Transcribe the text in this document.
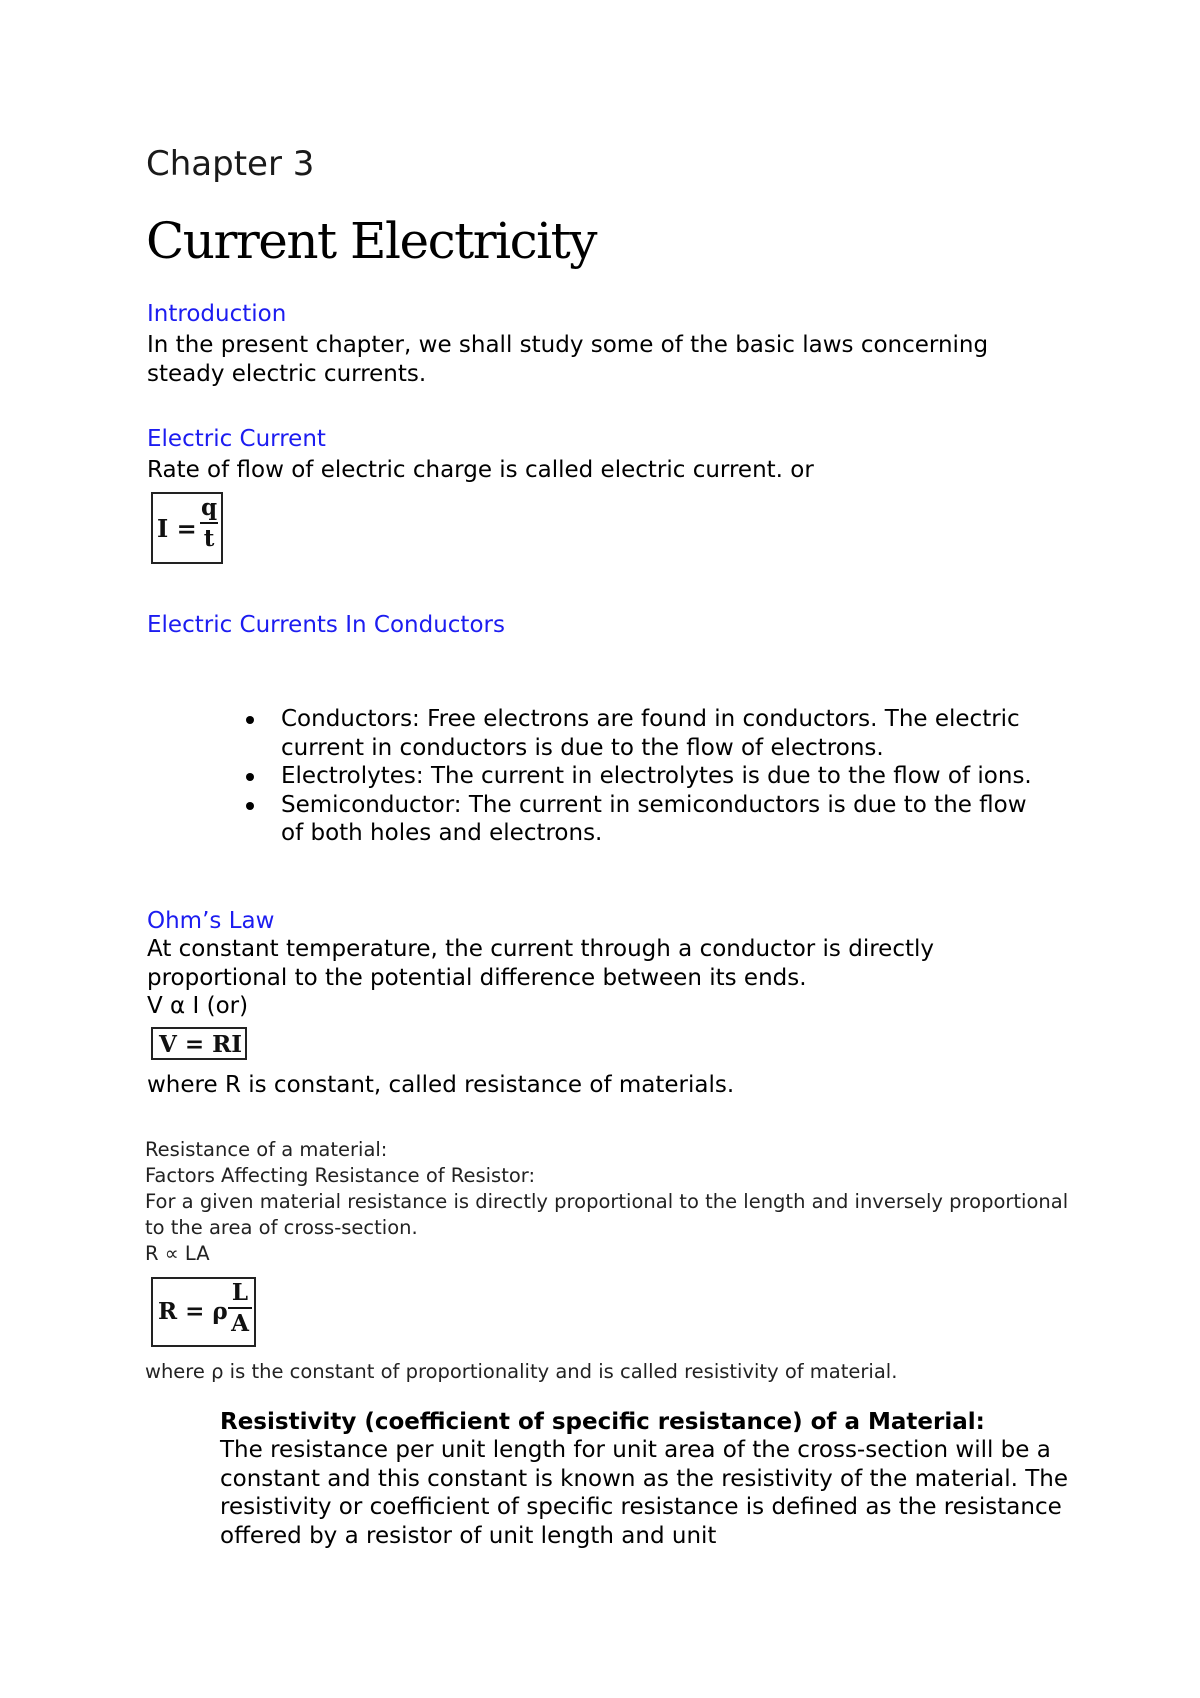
Chapter 3
Current Electricity
Introduction

In the present chapter, we shall study some of the basic laws concerning steady electric currents.

Electric Current

Rate of flow of electric charge is called electric current. or

I =
q
t
Electric Currents In Conductors
Conductors: Free electrons are found in conductors. The electric current in conductors is due to the flow of electrons.
Electrolytes: The current in electrolytes is due to the flow of ions.
Semiconductor: The current in semiconductors is due to the flow of both holes and electrons.
Ohm’s Law

At constant temperature, the current through a conductor is directly proportional to the potential difference between its ends.

V α I (or)

V = RI

where R is constant, called resistance of materials.

Resistance of a material:

Factors Affecting Resistance of Resistor:

For a given material resistance is directly proportional to the length and inversely proportional to the area of cross-section.

R ∝ LA

R = ρ
L
A

where ρ is the constant of proportionality and is called resistivity of material.

Resistivity (coefficient of specific resistance) of a Material:

The resistance per unit length for unit area of the cross-section will be a constant and this constant is known as the resistivity of the material. The resistivity or coefficient of specific resistance is defined as the resistance offered by a resistor of unit length and unit
